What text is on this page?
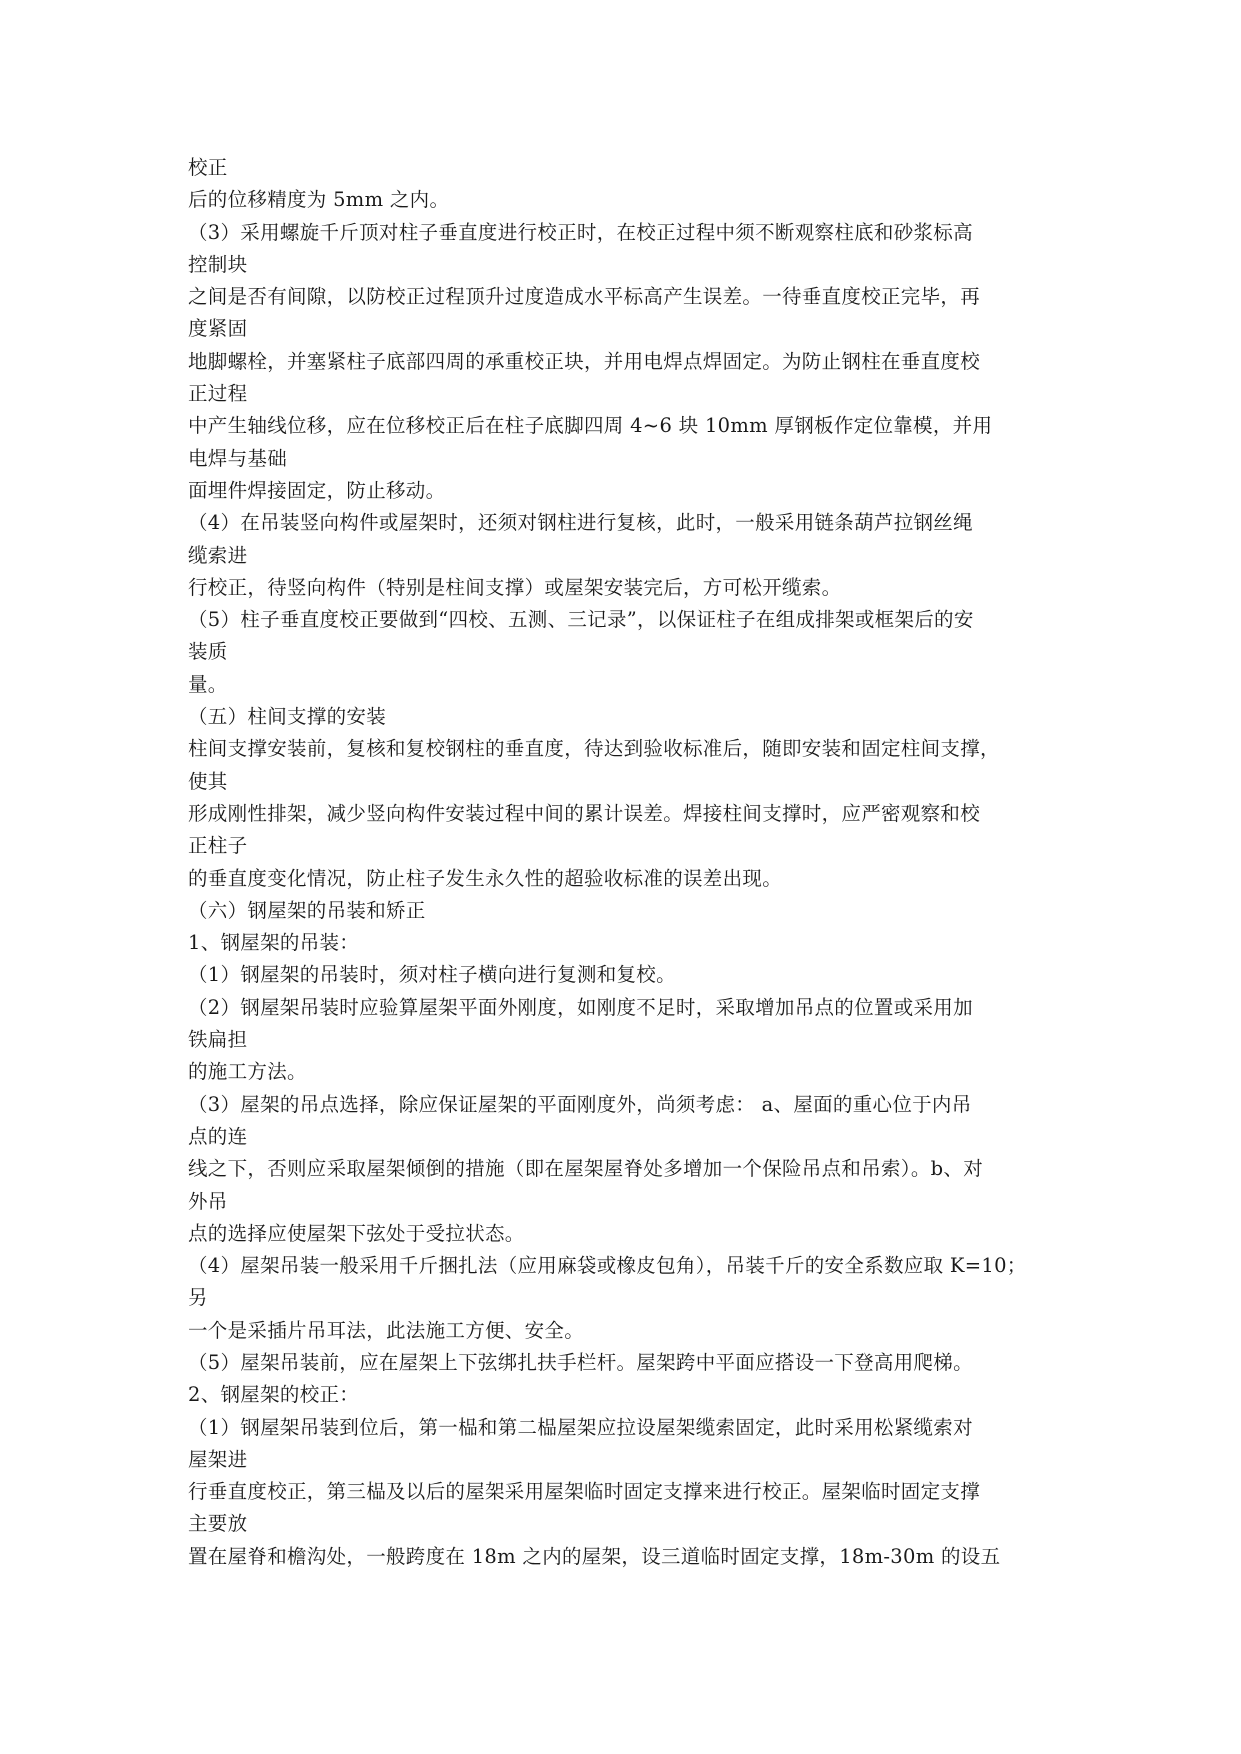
校正
后的位移精度为 5mm 之内。
（3）采用螺旋千斤顶对柱子垂直度进行校正时，在校正过程中须不断观察柱底和砂浆标高
控制块
之间是否有间隙，以防校正过程顶升过度造成水平标高产生误差。一待垂直度校正完毕，再
度紧固
地脚螺栓，并塞紧柱子底部四周的承重校正块，并用电焊点焊固定。为防止钢柱在垂直度校
正过程
中产生轴线位移，应在位移校正后在柱子底脚四周 4~6 块 10mm 厚钢板作定位靠模，并用
电焊与基础
面埋件焊接固定，防止移动。
（4）在吊装竖向构件或屋架时，还须对钢柱进行复核，此时，一般采用链条葫芦拉钢丝绳
缆索进
行校正，待竖向构件（特别是柱间支撑）或屋架安装完后，方可松开缆索。
（5）柱子垂直度校正要做到“四校、五测、三记录”，以保证柱子在组成排架或框架后的安
装质
量。
（五）柱间支撑的安装
柱间支撑安装前，复核和复校钢柱的垂直度，待达到验收标准后，随即安装和固定柱间支撑，
使其
形成刚性排架，减少竖向构件安装过程中间的累计误差。焊接柱间支撑时，应严密观察和校
正柱子
的垂直度变化情况，防止柱子发生永久性的超验收标准的误差出现。
（六）钢屋架的吊装和矫正
1、钢屋架的吊装：
（1）钢屋架的吊装时，须对柱子横向进行复测和复校。
（2）钢屋架吊装时应验算屋架平面外刚度，如刚度不足时，采取增加吊点的位置或采用加
铁扁担
的施工方法。
（3）屋架的吊点选择，除应保证屋架的平面刚度外，尚须考虑： a、屋面的重心位于内吊
点的连
线之下，否则应采取屋架倾倒的措施（即在屋架屋脊处多增加一个保险吊点和吊索）。b、对
外吊
点的选择应使屋架下弦处于受拉状态。
（4）屋架吊装一般采用千斤捆扎法（应用麻袋或橡皮包角），吊装千斤的安全系数应取 K=10；
另
一个是采插片吊耳法，此法施工方便、安全。
（5）屋架吊装前，应在屋架上下弦绑扎扶手栏杆。屋架跨中平面应搭设一下登高用爬梯。
2、钢屋架的校正：
（1）钢屋架吊装到位后，第一榀和第二榀屋架应拉设屋架缆索固定，此时采用松紧缆索对
屋架进
行垂直度校正，第三榀及以后的屋架采用屋架临时固定支撑来进行校正。屋架临时固定支撑
主要放
置在屋脊和檐沟处，一般跨度在 18m 之内的屋架，设三道临时固定支撑，18m-30m 的设五
